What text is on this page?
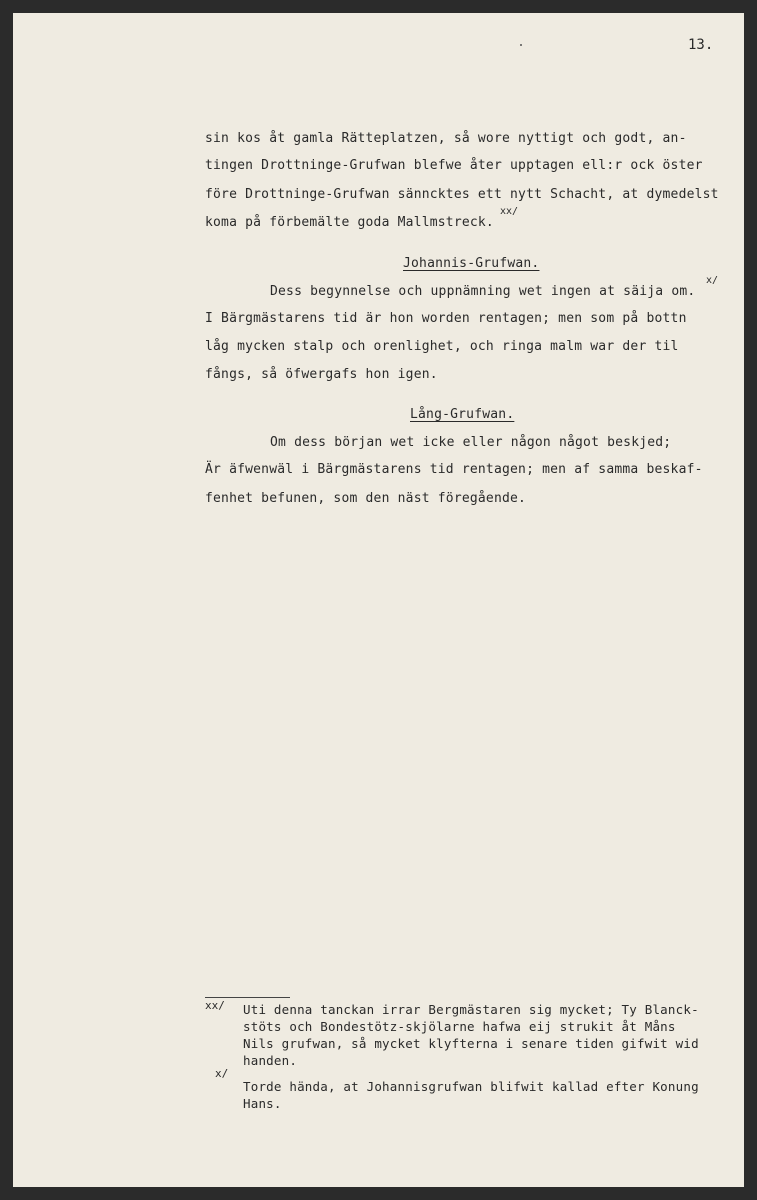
13.
sin kos åt gamla Rätteplatzen, så wore nyttigt och godt, an-
tingen Drottninge-Grufwan blefwe åter upptagen ell:r ock öster
före Drottninge-Grufwan sänncktes ett nytt Schacht, at dymedelst
koma på förbemälte goda Mallmstreck.
xx/
Johannis-Grufwan.
Dess begynnelse och uppnämning wet ingen at säija om.
x/
I Bärgmästarens tid är hon worden rentagen; men som på bottn
låg mycken stalp och orenlighet, och ringa malm war der til
fångs, så öfwergafs hon igen.
Lång-Grufwan.
Om dess början wet icke eller någon något beskjed;
Är äfwenwäl i Bärgmästarens tid rentagen; men af samma beskaf-
fenhet befunen, som den näst föregående.
xx/ Uti denna tanckan irrar Bergmästaren sig mycket; Ty Blanck-
stöts och Bondestötz-skjölarne hafwa eij strukit åt Måns
Nils grufwan, så mycket klyfterna i senare tiden gifwit wid
handen.
x/
Torde hända, at Johannisgrufwan blifwit kallad efter Konung
Hans.
